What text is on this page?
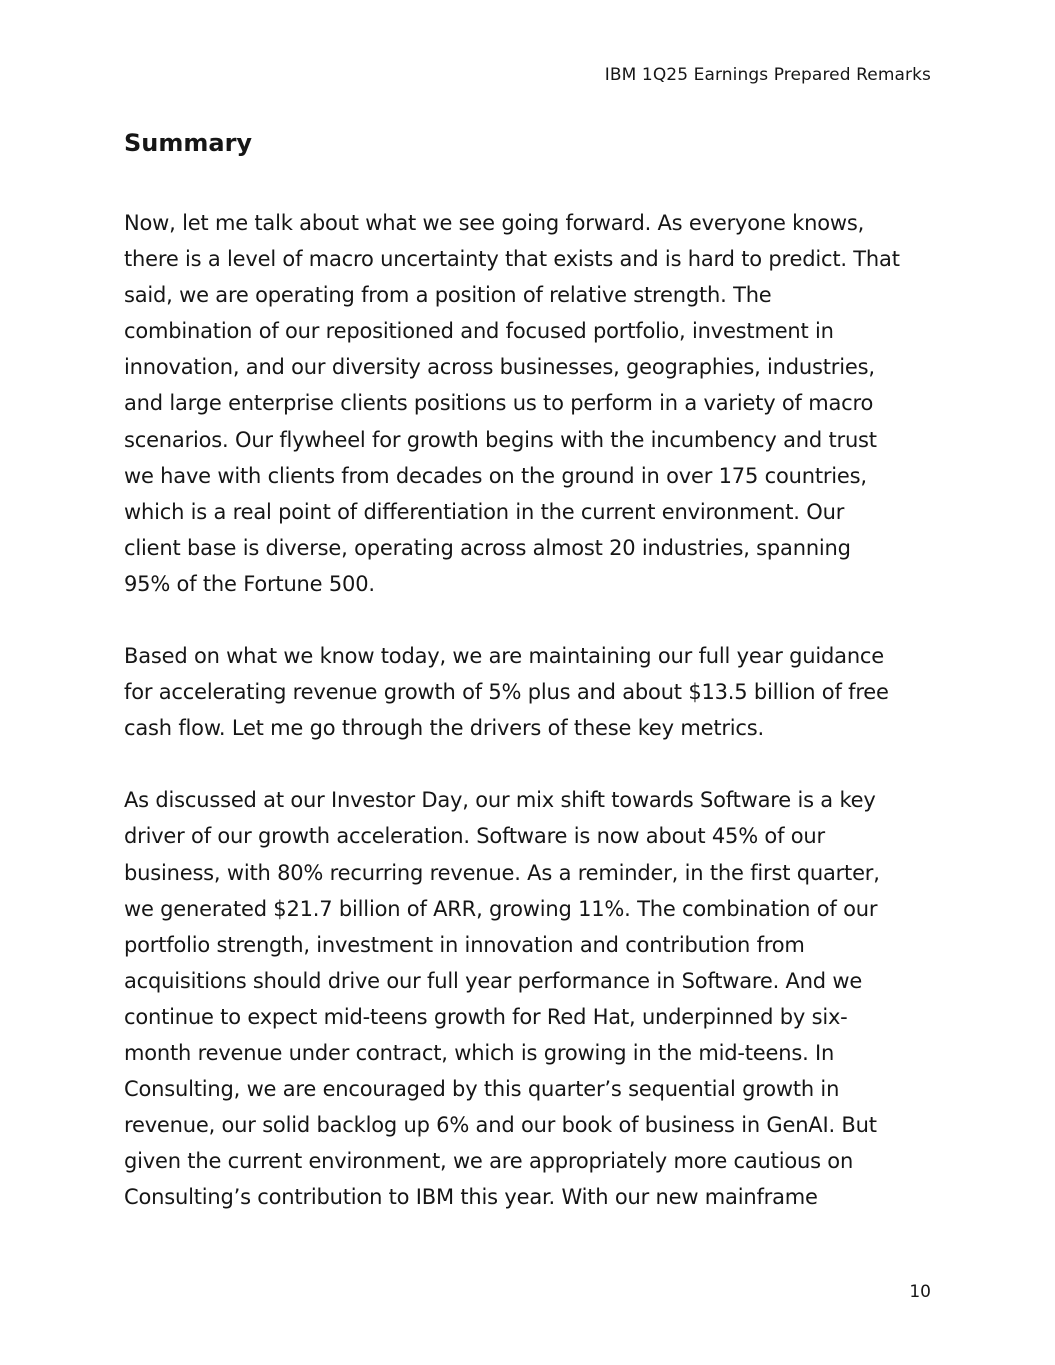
IBM 1Q25 Earnings Prepared Remarks
Summary
Now, let me talk about what we see going forward. As everyone knows,
there is a level of macro uncertainty that exists and is hard to predict. That
said, we are operating from a position of relative strength. The
combination of our repositioned and focused portfolio, investment in
innovation, and our diversity across businesses, geographies, industries,
and large enterprise clients positions us to perform in a variety of macro
scenarios. Our flywheel for growth begins with the incumbency and trust
we have with clients from decades on the ground in over 175 countries,
which is a real point of differentiation in the current environment. Our
client base is diverse, operating across almost 20 industries, spanning
95% of the Fortune 500.
Based on what we know today, we are maintaining our full year guidance
for accelerating revenue growth of 5% plus and about $13.5 billion of free
cash flow. Let me go through the drivers of these key metrics.
As discussed at our Investor Day, our mix shift towards Software is a key
driver of our growth acceleration. Software is now about 45% of our
business, with 80% recurring revenue. As a reminder, in the first quarter,
we generated $21.7 billion of ARR, growing 11%. The combination of our
portfolio strength, investment in innovation and contribution from
acquisitions should drive our full year performance in Software. And we
continue to expect mid-teens growth for Red Hat, underpinned by six-
month revenue under contract, which is growing in the mid-teens. In
Consulting, we are encouraged by this quarter’s sequential growth in
revenue, our solid backlog up 6% and our book of business in GenAI. But
given the current environment, we are appropriately more cautious on
Consulting’s contribution to IBM this year. With our new mainframe
10
